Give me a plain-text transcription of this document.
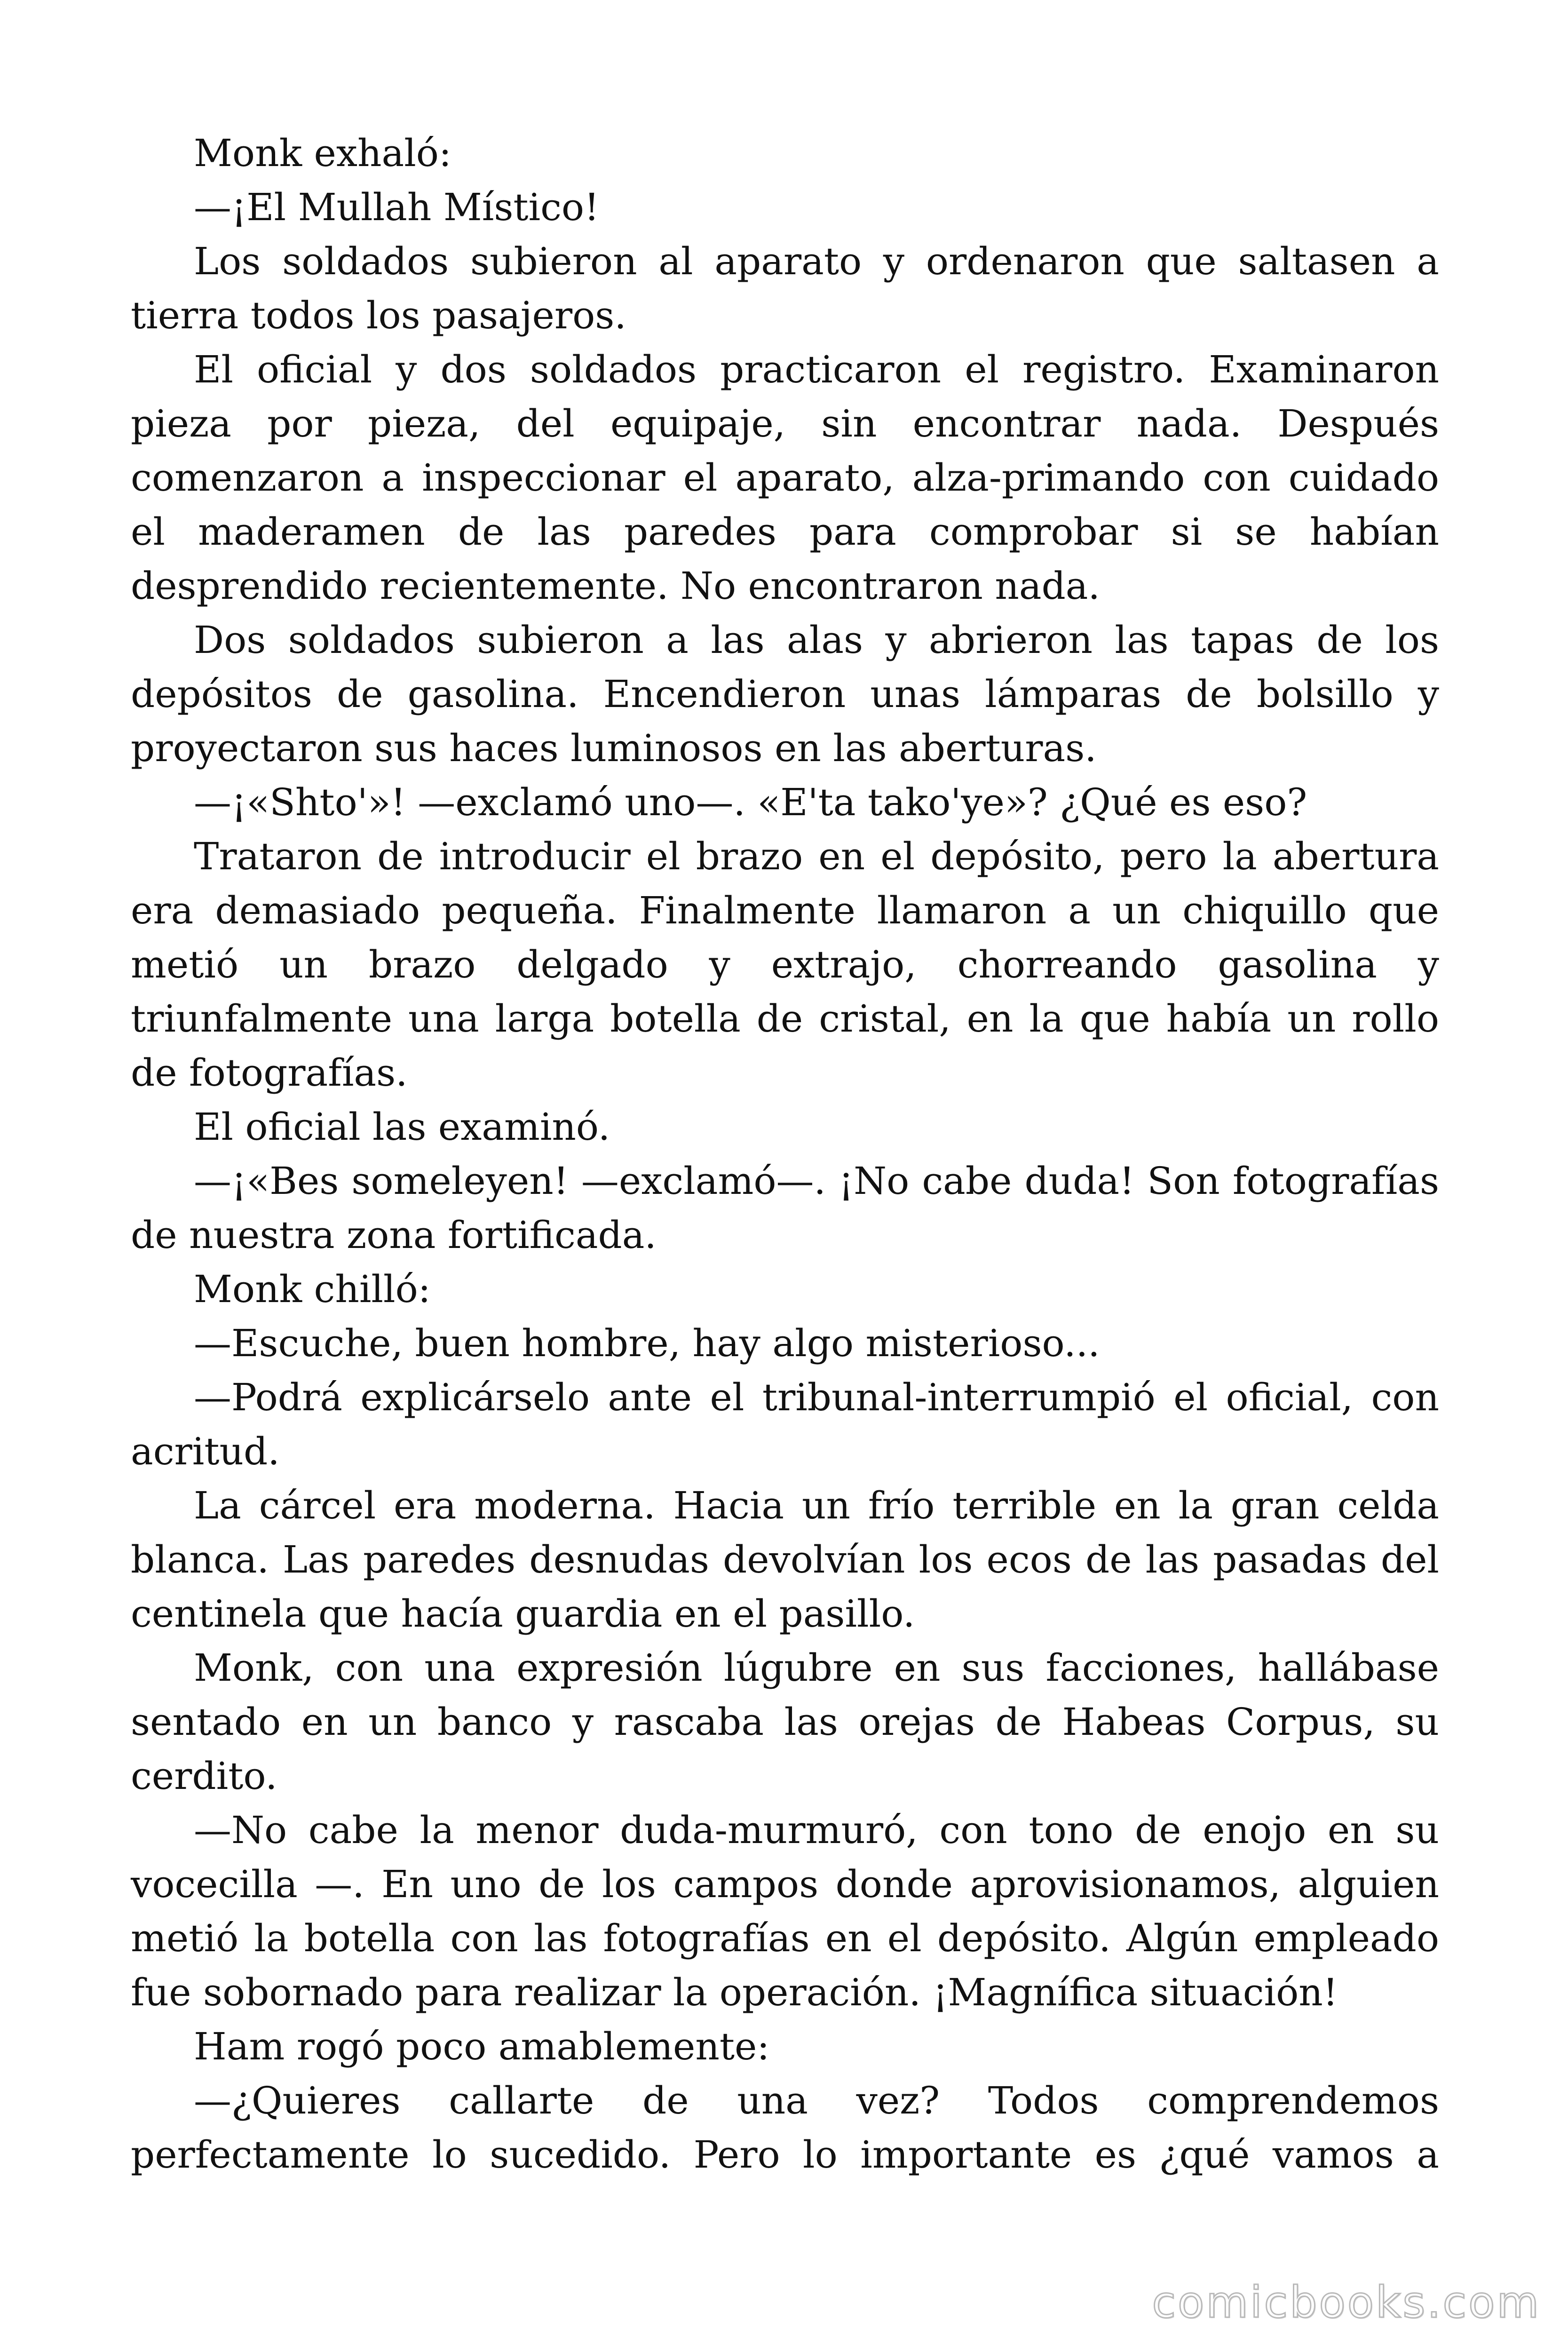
Monk exhaló:

—¡El Mullah Místico!

Los soldados subieron al aparato y ordenaron que saltasen a tierra todos los pasajeros.

El oficial y dos soldados practicaron el registro. Examinaron pieza por pieza, del equipaje, sin encontrar nada. Después comenzaron a inspeccionar el aparato, alza-primando con cuidado el maderamen de las paredes para comprobar si se habían desprendido recientemente. No encontraron nada.

Dos soldados subieron a las alas y abrieron las tapas de los depósitos de gasolina. Encendieron unas lámparas de bolsillo y proyectaron sus haces luminosos en las aberturas.

—¡«Shto'»! —exclamó uno—. «E'ta tako'ye»? ¿Qué es eso?

Trataron de introducir el brazo en el depósito, pero la abertura era demasiado pequeña. Finalmente llamaron a un chiquillo que metió un brazo delgado y extrajo, chorreando gasolina y triunfalmente una larga botella de cristal, en la que había un rollo de fotografías.

El oficial las examinó.

—¡«Bes someleyen! —exclamó—. ¡No cabe duda! Son fotografías de nuestra zona fortificada.

Monk chilló:

—Escuche, buen hombre, hay algo misterioso...

—Podrá explicárselo ante el tribunal-interrumpió el oficial, con acritud.

La cárcel era moderna. Hacia un frío terrible en la gran celda blanca. Las paredes desnudas devolvían los ecos de las pasadas del centinela que hacía guardia en el pasillo.

Monk, con una expresión lúgubre en sus facciones, hallábase sentado en un banco y rascaba las orejas de Habeas Corpus, su cerdito.

—No cabe la menor duda-murmuró, con tono de enojo en su vocecilla —. En uno de los campos donde aprovisionamos, alguien metió la botella con las fotografías en el depósito. Algún empleado fue sobornado para realizar la operación. ¡Magnífica situación!

Ham rogó poco amablemente:

—¿Quieres callarte de una vez? Todos comprendemos perfectamente lo sucedido. Pero lo importante es ¿qué vamos a

comicbooks.com
